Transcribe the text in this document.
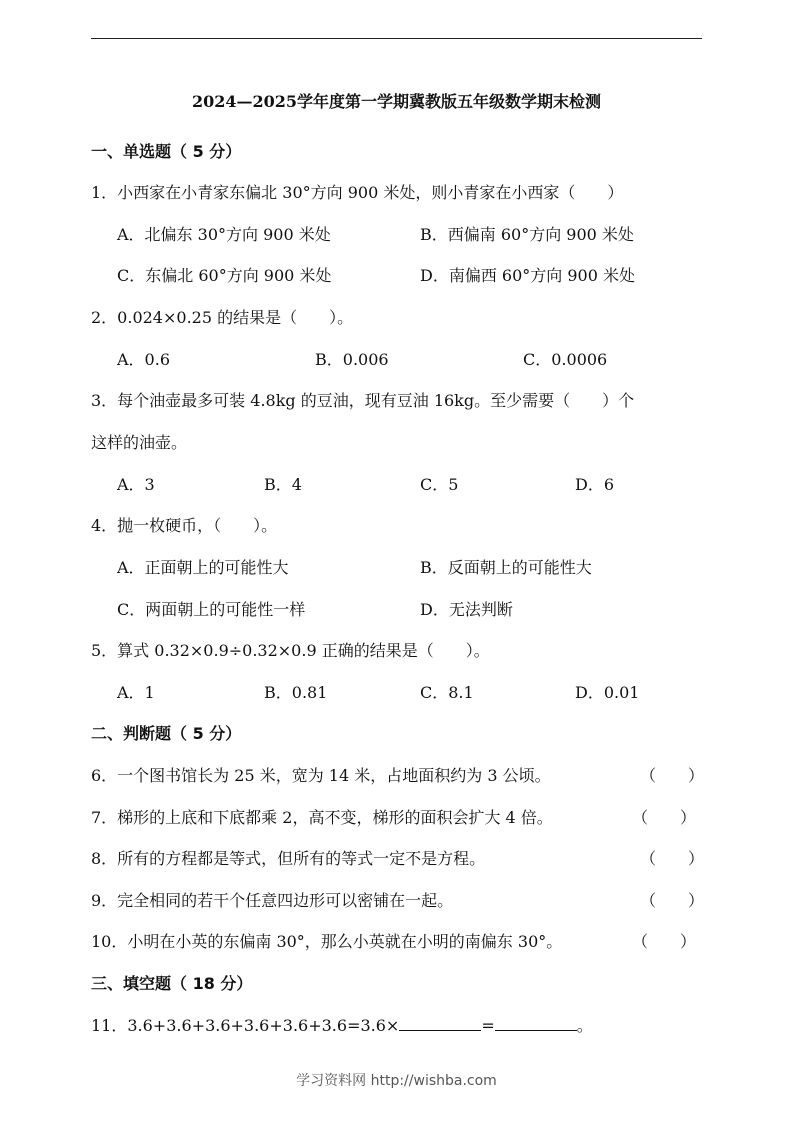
2024—2025学年度第一学期冀教版五年级数学期末检测
一、单选题（ 5 分）
1．小西家在小青家东偏北 30°方向 900 米处，则小青家在小西家（　　）
A．北偏东 30°方向 900 米处	B．西偏南 60°方向 900 米处
C．东偏北 60°方向 900 米处	D．南偏西 60°方向 900 米处
2．0.024×0.25 的结果是（　　）。
A．0.6	B．0.006	C．0.0006
3．每个油壶最多可装 4.8kg 的豆油，现有豆油 16kg。至少需要（　　）个
这样的油壶。
A．3	B．4	C．5	D．6
4．抛一枚硬币，（　　）。
A．正面朝上的可能性大	B．反面朝上的可能性大
C．两面朝上的可能性一样	D．无法判断
5．算式 0.32×0.9÷0.32×0.9 正确的结果是（　　）。
A．1	B．0.81	C．8.1	D．0.01
二、判断题（ 5 分）
6．一个图书馆长为 25 米，宽为 14 米，占地面积约为 3 公顷。	（　　）
7．梯形的上底和下底都乘 2，高不变，梯形的面积会扩大 4 倍。	（　　）
8．所有的方程都是等式，但所有的等式一定不是方程。	（　　）
9．完全相同的若干个任意四边形可以密铺在一起。	（　　）
10．小明在小英的东偏南 30°，那么小英就在小明的南偏东 30°。	（　　）
三、填空题（ 18 分）
11．3.6+3.6+3.6+3.6+3.6+3.6=3.6×	=	。
学习资料网 http://wishba.com
